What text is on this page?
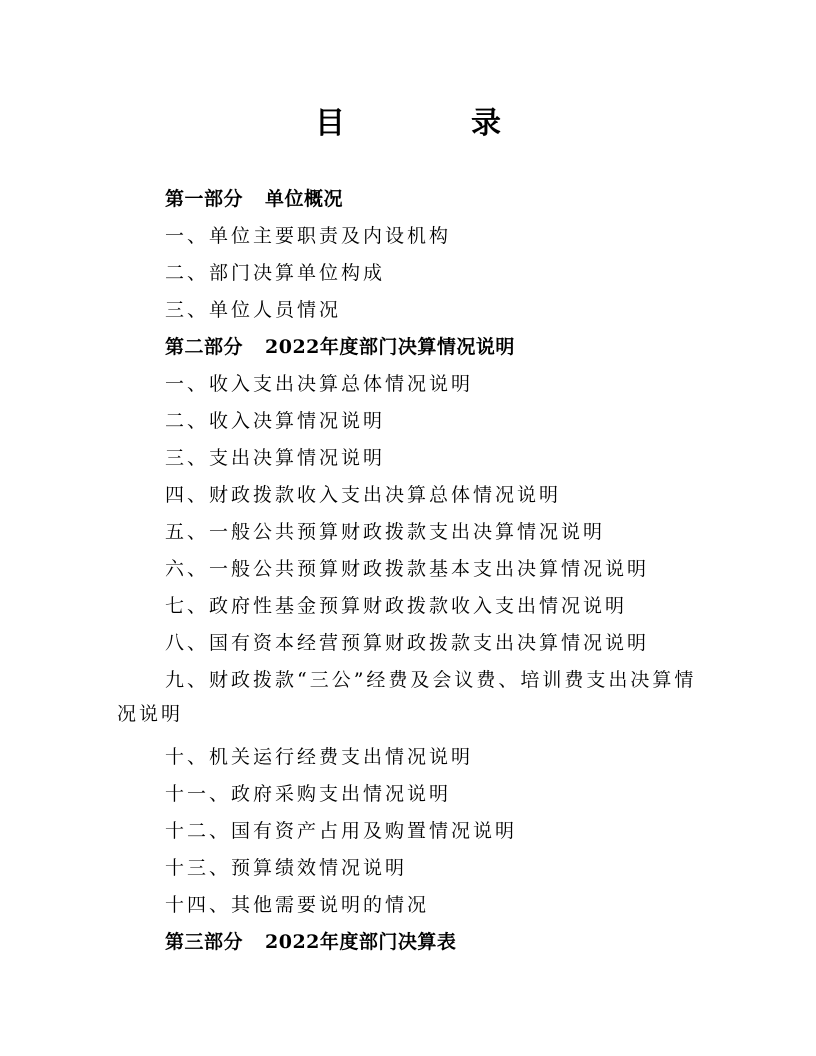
目　录
第一部分 单位概况
一、单位主要职责及内设机构
二、部门决算单位构成
三、单位人员情况
第二部分 2022年度部门决算情况说明
一、收入支出决算总体情况说明
二、收入决算情况说明
三、支出决算情况说明
四、财政拨款收入支出决算总体情况说明
五、一般公共预算财政拨款支出决算情况说明
六、一般公共预算财政拨款基本支出决算情况说明
七、政府性基金预算财政拨款收入支出情况说明
八、国有资本经营预算财政拨款支出决算情况说明
九、财政拨款“三公”经费及会议费、培训费支出决算情
况说明
十、机关运行经费支出情况说明
十一、政府采购支出情况说明
十二、国有资产占用及购置情况说明
十三、预算绩效情况说明
十四、其他需要说明的情况
第三部分 2022年度部门决算表
